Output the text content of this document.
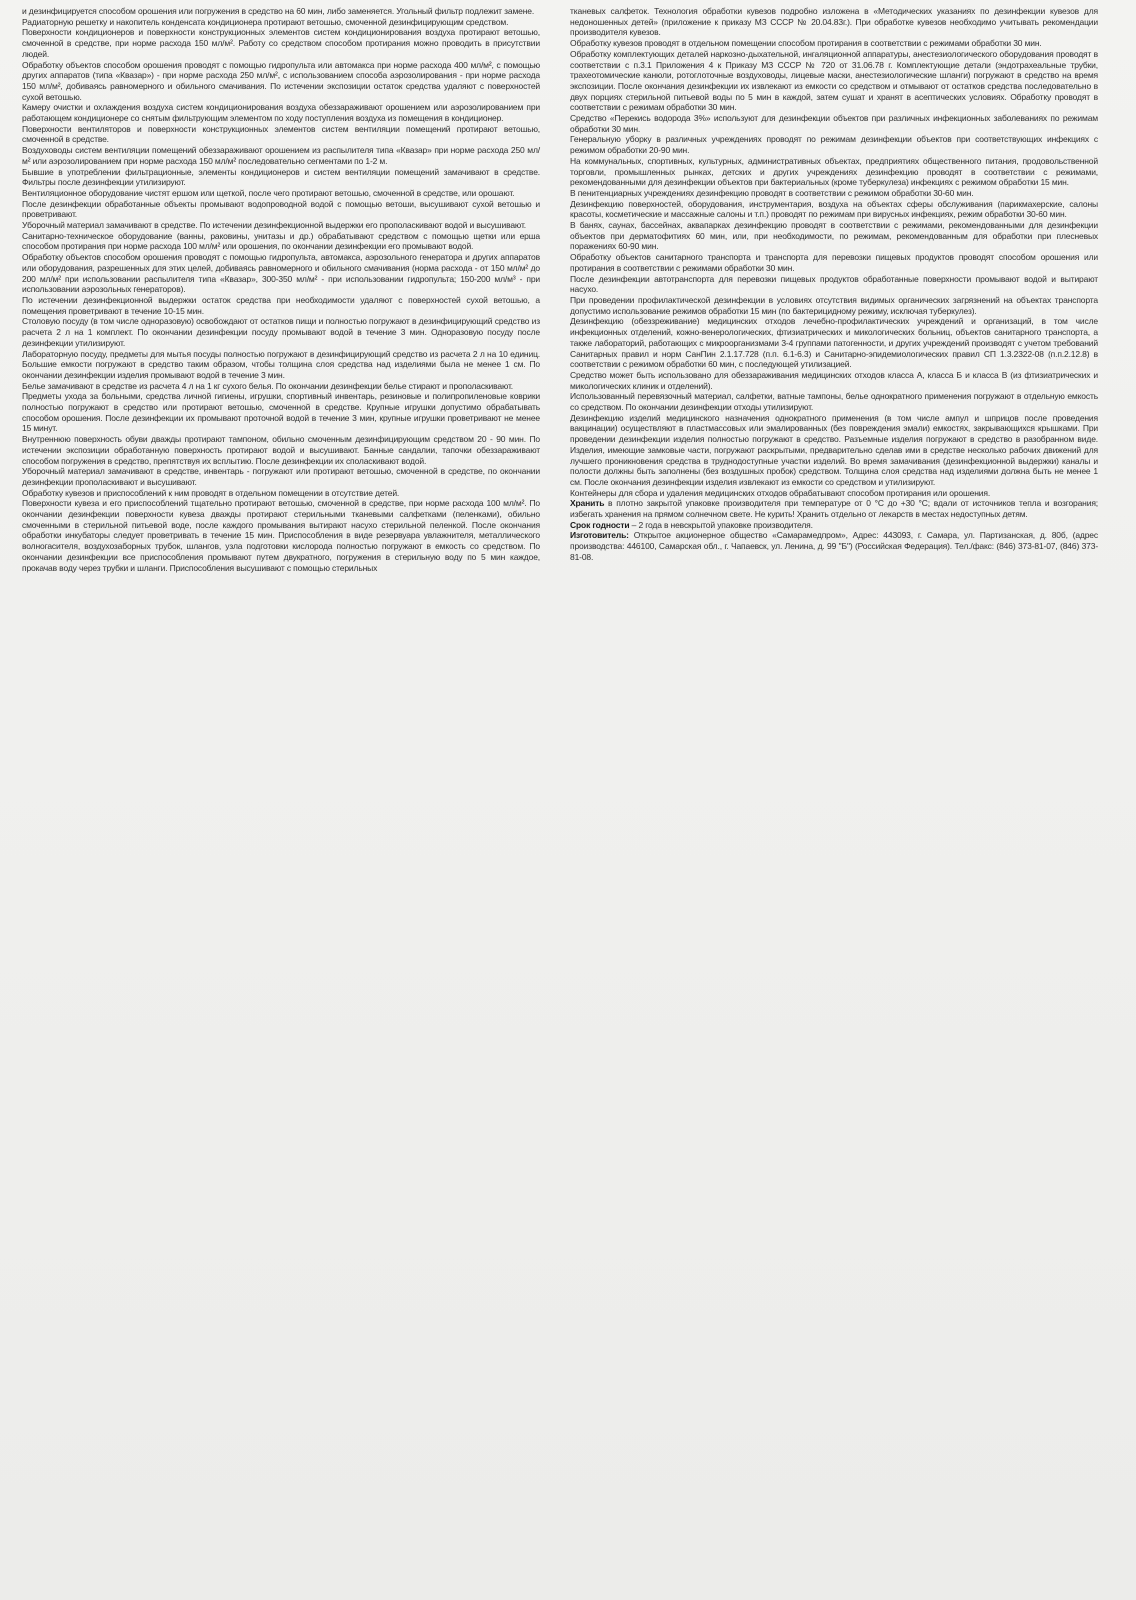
и дезинфицируется способом орошения или погружения в средство на 60 мин, либо заменяется. Угольный фильтр подлежит замене.

Радиаторную решетку и накопитель конденсата кондиционера протирают ветошью, смоченной дезинфицирующим средством.

Поверхности кондиционеров и поверхности конструкционных элементов систем кондиционирования воздуха протирают ветошью, смоченной в средстве, при норме расхода 150 мл/м². Работу со средством способом протирания можно проводить в присутствии людей.

Обработку объектов способом орошения проводят с помощью гидропульта или автомакса при норме расхода 400 мл/м², с помощью других аппаратов (типа «Квазар») - при норме расхода 250 мл/м², с использованием способа аэрозолирования - при норме расхода 150 мл/м², добиваясь равномерного и обильного смачивания. По истечении экспозиции остаток средства удаляют с поверхностей сухой ветошью.

Камеру очистки и охлаждения воздуха систем кондиционирования воздуха обеззараживают орошением или аэрозолированием при работающем кондиционере со снятым фильтрующим элементом по ходу поступления воздуха из помещения в кондиционер.

Поверхности вентиляторов и поверхности конструкционных элементов систем вентиляции помещений протирают ветошью, смоченной в средстве.

Воздуховоды систем вентиляции помещений обеззараживают орошением из распылителя типа «Квазар» при норме расхода 250 мл/м² или аэрозолированием при норме расхода 150 мл/м² последовательно сегментами по 1-2 м.

Бывшие в употреблении фильтрационные, элементы кондиционеров и систем вентиляции помещений замачивают в средстве. Фильтры после дезинфекции утилизируют.

Вентиляционное оборудование чистят ершом или щеткой, после чего протирают ветошью, смоченной в средстве, или орошают.

После дезинфекции обработанные объекты промывают водопроводной водой с помощью ветоши, высушивают сухой ветошью и проветривают.

Уборочный материал замачивают в средстве. По истечении дезинфекционной выдержки его прополаскивают водой и высушивают.

Санитарно-техническое оборудование (ванны, раковины, унитазы и др.) обрабатывают средством с помощью щетки или ерша способом протирания при норме расхода 100 мл/м² или орошения, по окончании дезинфекции его промывают водой.

Обработку объектов способом орошения проводят с помощью гидропульта, автомакса, аэрозольного генератора и других аппаратов или оборудования, разрешенных для этих целей, добиваясь равномерного и обильного смачивания (норма расхода - от 150 мл/м² до 200 мл/м² при использовании распылителя типа «Квазар», 300-350 мл/м² - при использовании гидропульта; 150-200 мл/м³ - при использовании аэрозольных генераторов).

По истечении дезинфекционной выдержки остаток средства при необходимости удаляют с поверхностей сухой ветошью, а помещения проветривают в течение 10-15 мин.

Столовую посуду (в том числе одноразовую) освобождают от остатков пищи и полностью погружают в дезинфицирующий средство из расчета 2 л на 1 комплект. По окончании дезинфекции посуду промывают водой в течение 3 мин. Одноразовую посуду после дезинфекции утилизируют.

Лабораторную посуду, предметы для мытья посуды полностью погружают в дезинфицирующий средство из расчета 2 л на 10 единиц. Большие емкости погружают в средство таким образом, чтобы толщина слоя средства над изделиями была не менее 1 см. По окончании дезинфекции изделия промывают водой в течение 3 мин.

Белье замачивают в средстве из расчета 4 л на 1 кг сухого белья. По окончании дезинфекции белье стирают и прополаскивают.

Предметы ухода за больными, средства личной гигиены, игрушки, спортивный инвентарь, резиновые и полипропиленовые коврики полностью погружают в средство или протирают ветошью, смоченной в средстве. Крупные игрушки допустимо обрабатывать способом орошения. После дезинфекции их промывают проточной водой в течение 3 мин, крупные игрушки проветривают не менее 15 минут.

Внутреннюю поверхность обуви дважды протирают тампоном, обильно смоченным дезинфицирующим средством 20 - 90 мин. По истечении экспозиции обработанную поверхность протирают водой и высушивают. Банные сандалии, тапочки обеззараживают способом погружения в средство, препятствуя их всплытию. После дезинфекции их споласкивают водой.

Уборочный материал замачивают в средстве, инвентарь - погружают или протирают ветошью, смоченной в средстве, по окончании дезинфекции прополаскивают и высушивают.

Обработку кувезов и приспособлений к ним проводят в отдельном помещении в отсутствие детей.

Поверхности кувеза и его приспособлений тщательно протирают ветошью, смоченной в средстве, при норме расхода 100 мл/м². По окончании дезинфекции поверхности кувеза дважды протирают стерильными тканевыми салфетками (пеленками), обильно смоченными в стерильной питьевой воде, после каждого промывания вытирают насухо стерильной пеленкой. После окончания обработки инкубаторы следует проветривать в течение 15 мин. Приспособления в виде резервуара увлажнителя, металлического волногасителя, воздухозаборных трубок, шлангов, узла подготовки кислорода полностью погружают в емкость со средством. По окончании дезинфекции все приспособления промывают путем двукратного, погружения в стерильную воду по 5 мин каждое, прокачав воду через трубки и шланги. Приспособления высушивают с помощью стерильных

тканевых салфеток. Технология обработки кувезов подробно изложена в «Методических указаниях по дезинфекции кувезов для недоношенных детей» (приложение к приказу МЗ СССР № 20.04.83г.). При обработке кувезов необходимо учитывать рекомендации производителя кувезов.

Обработку кувезов проводят в отдельном помещении способом протирания в соответствии с режимами обработки 30 мин.

Обработку комплектующих деталей наркозно-дыхательной, ингаляционной аппаратуры, анестезиологического оборудования проводят в соответствии с п.3.1 Приложения 4 к Приказу МЗ СССР № 720 от 31.06.78 г. Комплектующие детали (эндотрахеальные трубки, трахеотомические канюли, ротоглоточные воздуховоды, лицевые маски, анестезиологические шланги) погружают в средство на время экспозиции. После окончания дезинфекции их извлекают из емкости со средством и отмывают от остатков средства последовательно в двух порциях стерильной питьевой воды по 5 мин в каждой, затем сушат и хранят в асептических условиях. Обработку проводят в соответствии с режимам обработки 30 мин.

Средство «Перекись водорода 3%» используют для дезинфекции объектов при различных инфекционных заболеваниях по режимам обработки 30 мин.

Генеральную уборку в различных учреждениях проводят по режимам дезинфекции объектов при соответствующих инфекциях с режимом обработки 20-90 мин.

На коммунальных, спортивных, культурных, административных объектах, предприятиях общественного питания, продовольственной торговли, промышленных рынках, детских и других учреждениях дезинфекцию проводят в соответствии с режимами, рекомендованными для дезинфекции объектов при бактериальных (кроме туберкулеза) инфекциях с режимом обработки 15 мин.

В пенитенциарных учреждениях дезинфекцию проводят в соответствии с режимом обработки 30-60 мин.

Дезинфекцию поверхностей, оборудования, инструментария, воздуха на объектах сферы обслуживания (парикмахерские, салоны красоты, косметические и массажные салоны и т.п.) проводят по режимам при вирусных инфекциях, режим обработки 30-60 мин.

В банях, саунах, бассейнах, аквапарках дезинфекцию проводят в соответствии с режимами, рекомендованными для дезинфекции объектов при дерматофитиях 60 мин, или, при необходимости, по режимам, рекомендованным для обработки при плесневых поражениях 60-90 мин.

Обработку объектов санитарного транспорта и транспорта для перевозки пищевых продуктов проводят способом орошения или протирания в соответствии с режимами обработки 30 мин.

После дезинфекции автотранспорта для перевозки пищевых продуктов обработанные поверхности промывают водой и вытирают насухо.

При проведении профилактической дезинфекции в условиях отсутствия видимых органических загрязнений на объектах транспорта допустимо использование режимов обработки 15 мин (по бактерицидному режиму, исключая туберкулез).

Дезинфекцию (обеззреживание) медицинских отходов лечебно-профилактических учреждений и организаций, в том числе инфекционных отделений, кожно-венерологических, фтизиатрических и микологических больниц, объектов санитарного транспорта, а также лабораторий, работающих с микроорганизмами 3-4 группами патогенности, и других учреждений производят с учетом требований Санитарных правил и норм СанПин 2.1.17.728 (п.п. 6.1-6.3) и Санитарно-эпидемиологических правил СП 1.3.2322-08 (п.п.2.12.8) в соответствии с режимом обработки 60 мин, с последующей утилизацией.

Средство может быть использовано для обеззараживания медицинских отходов класса А, класса Б и класса В (из фтизиатрических и микологических клиник и отделений).

Использованный перевязочный материал, салфетки, ватные тампоны, белье однократного применения погружают в отдельную емкость со средством. По окончании дезинфекции отходы утилизируют.

Дезинфекцию изделий медицинского назначения однократного применения (в том числе ампул и шприцов после проведения вакцинации) осуществляют в пластмассовых или эмалированных (без повреждения эмали) емкостях, закрывающихся крышками. При проведении дезинфекции изделия полностью погружают в средство. Разъемные изделия погружают в средство в разобранном виде. Изделия, имеющие замковые части, погружают раскрытыми, предварительно сделав ими в средстве несколько рабочих движений для лучшего проникновения средства в труднодоступные участки изделий. Во время замачивания (дезинфекционной выдержки) каналы и полости должны быть заполнены (без воздушных пробок) средством. Толщина слоя средства над изделиями должна быть не менее 1 см. После окончания дезинфекции изделия извлекают из емкости со средством и утилизируют.

Контейнеры для сбора и удаления медицинских отходов обрабатывают способом протирания или орошения.

Хранить в плотно закрытой упаковке производителя при температуре от 0 °C до +30 °C; вдали от источников тепла и возгорания; избегать хранения на прямом солнечном свете. Не курить! Хранить отдельно от лекарств в местах недоступных детям.

Срок годности – 2 года в невскрытой упаковке производителя.

Изготовитель: Открытое акционерное общество «Самарамедпром», Адрес: 443093, г. Самара, ул. Партизанская, д. 80б, (адрес производства: 446100, Самарская обл., г. Чапаевск, ул. Ленина, д. 99 "Б") (Российская Федерация). Тел./факс: (846) 373-81-07, (846) 373-81-08.
